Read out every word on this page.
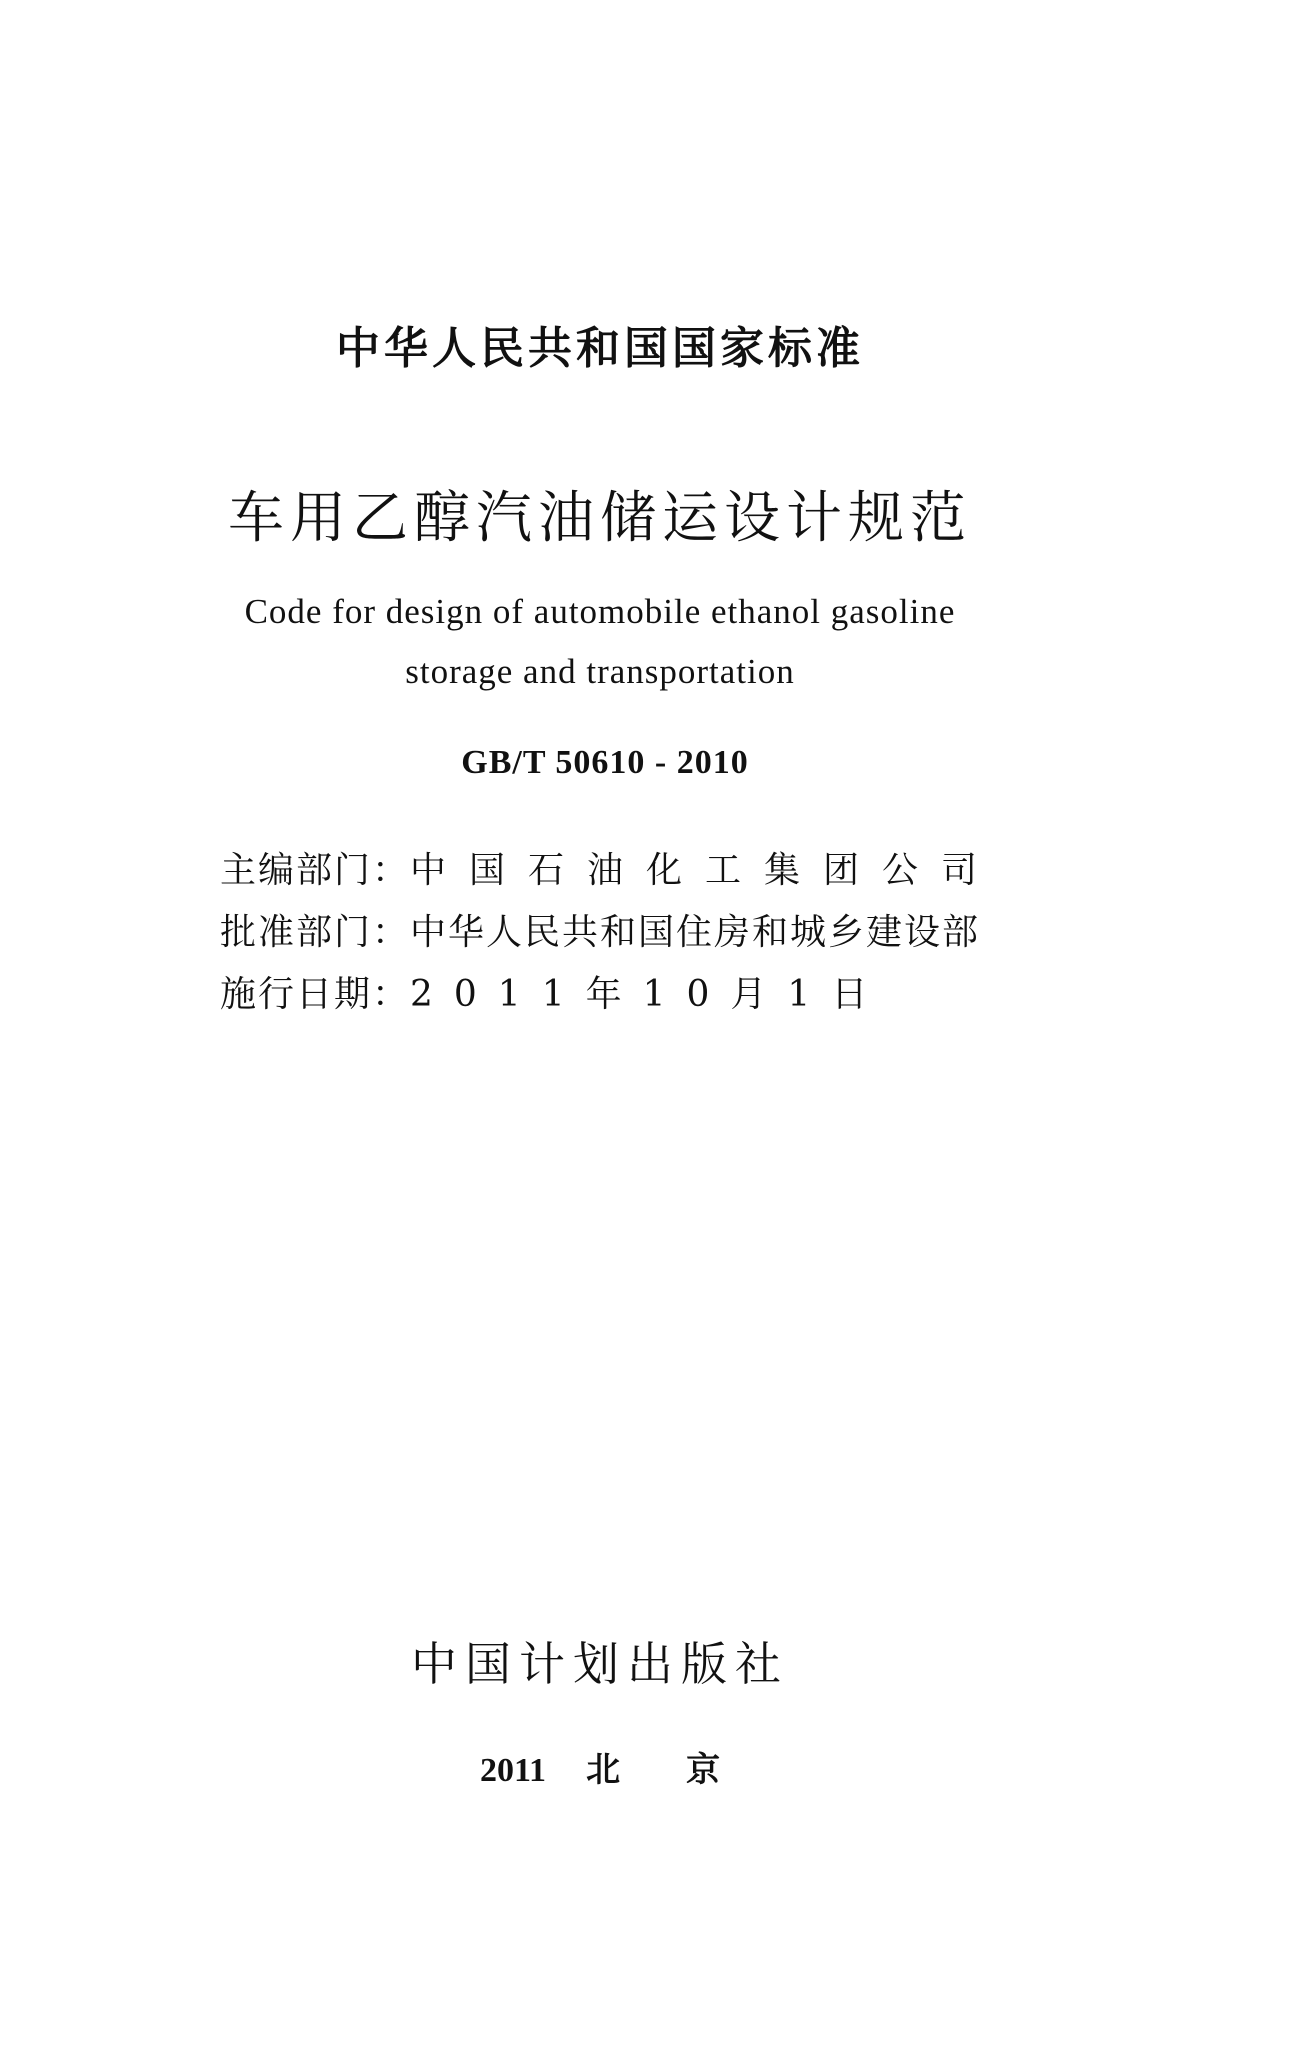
中华人民共和国国家标准
车用乙醇汽油储运设计规范
Code for design of automobile ethanol gasoline
storage and transportation
GB/T 50610 - 2010
主编部门： 中国石油化工集团公司
批准部门： 中华人民共和国住房和城乡建设部
施行日期： 2011年10月1日
中国计划出版社
2011 北 京
